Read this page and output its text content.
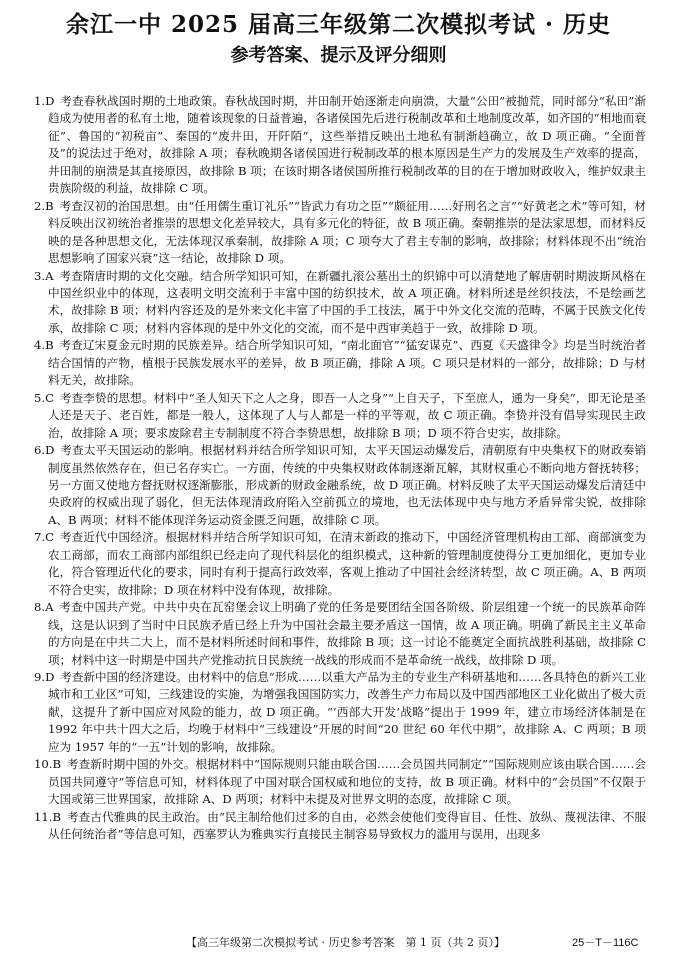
余江一中 2025 届高三年级第二次模拟考试 · 历史
参考答案、提示及评分细则

1.D  考查春秋战国时期的土地政策。春秋战国时期，井田制开始逐渐走向崩溃，大量“公田”被抛荒，同时部分“私田”渐趋成为使用者的私有土地，随着该现象的日益普遍，各诸侯国先后进行税制改革和土地制度改革，如齐国的“相地而衰征”、鲁国的“初税亩”、秦国的“废井田，开阡陌”，这些举措反映出土地私有制渐趋确立，故 D 项正确。“全面普及”的说法过于绝对，故排除 A 项；春秋晚期各诸侯国进行税制改革的根本原因是生产力的发展及生产效率的提高，井田制的崩溃是其直接原因，故排除 B 项；在该时期各诸侯国所推行税制改革的目的在于增加财政收入，维护奴隶主贵族阶级的利益，故排除 C 项。

2.B  考查汉初的治国思想。由“任用儒生重订礼乐”“皆武力有功之臣”“颇征用……好刑名之言”“好黄老之术”等可知，材料反映出汉初统治者推崇的思想文化差异较大，具有多元化的特征，故 B 项正确。秦朝推崇的是法家思想，而材料反映的是各种思想文化，无法体现汉承秦制，故排除 A 项；C 项夸大了君主专制的影响，故排除；材料体现不出“统治思想影响了国家兴衰”这一结论，故排除 D 项。

3.A  考查隋唐时期的文化交融。结合所学知识可知，在新疆扎滚公墓出土的织锦中可以清楚地了解唐朝时期波斯风格在中国丝织业中的体现，这表明文明交流利于丰富中国的纺织技术，故 A 项正确。材料所述是丝织技法，不是绘画艺术，故排除 B 项；材料内容还及的是外来文化丰富了中国的手工技法，属于中外文化交流的范畴，不属于民族文化传承，故排除 C 项；材料内容体现的是中外文化的交流，而不是中西审美趋于一致，故排除 D 项。

4.B  考查辽宋夏金元时期的民族差异。结合所学知识可知，“南北面官”“猛安谋克”、西夏《天盛律令》均是当时统治者结合国情的产物，植根于民族发展水平的差异，故 B 项正确，排除 A 项。C 项只是材料的一部分，故排除；D 与材料无关，故排除。

5.C  考查李贽的思想。材料中“圣人知天下之人之身，即吾一人之身”“上自天子，下至庶人，通为一身矣”，即无论是圣人还是天子、老百姓，都是一般人，这体现了人与人都是一样的平等观，故 C 项正确。李贽并没有倡导实现民主政治，故排除 A 项；要求废除君主专制制度不符合李贽思想，故排除 B 项；D 项不符合史实，故排除。

6.D  考查太平天国运动的影响。根据材料并结合所学知识可知，太平天国运动爆发后，清朝原有中央集权下的财政奏销制度虽然依然存在，但已名存实亡。一方面，传统的中央集权财政体制逐渐瓦解，其财权重心不断向地方督抚转移；另一方面又使地方督抚财权逐渐膨胀，形成新的财政金融系统，故 D 项正确。材料反映了太平天国运动爆发后清廷中央政府的权威出现了弱化，但无法体现清政府陷入空前孤立的境地，也无法体现中央与地方矛盾异常尖锐，故排除 A、B 两项；材料不能体现洋务运动资金匮乏问题，故排除 C 项。

7.C  考查近代中国经济。根据材料并结合所学知识可知，在清末新政的推动下，中国经济管理机构由工部、商部演变为农工商部，而农工商部内部组织已经走向了现代科层化的组织模式，这种新的管理制度使得分工更加细化，更加专业化，符合管理近代化的要求，同时有利于提高行政效率，客观上推动了中国社会经济转型，故 C 项正确。A、B 两项不符合史实，故排除；D 项在材料中没有体现，故排除。

8.A  考查中国共产党。中共中央在瓦窑堡会议上明确了党的任务是要团结全国各阶级、阶层组建一个统一的民族革命阵线，这是认识到了当时中日民族矛盾已经上升为中国社会最主要矛盾这一国情，故 A 项正确。明确了新民主主义革命的方向是在中共二大上，而不是材料所述时间和事件，故排除 B 项；这一讨论不能奠定全面抗战胜利基础，故排除 C 项；材料中这一时期是中国共产党推动抗日民族统一战线的形成而不是革命统一战线，故排除 D 项。

9.D  考查新中国的经济建设。由材料中的信息“形成……以重大产品为主的专业生产科研基地和……各具特色的新兴工业城市和工业区”可知，三线建设的实施，为增强我国国防实力，改善生产力布局以及中国西部地区工业化做出了极大贡献，这提升了新中国应对风险的能力，故 D 项正确。“‘西部大开发’战略”提出于 1999 年，建立市场经济体制是在 1992 年中共十四大之后，均晚于材料中“三线建设”开展的时间“20 世纪 60 年代中期”，故排除 A、C 两项；B 项应为 1957 年的“一五”计划的影响，故排除。

10.B  考查新时期中国的外交。根据材料中“国际规则只能由联合国……会员国共同制定”“国际规则应该由联合国……会员国共同遵守”等信息可知，材料体现了中国对联合国权威和地位的支持，故 B 项正确。材料中的“会员国”不仅限于大国或第三世界国家，故排除 A、D 两项；材料中未提及对世界文明的态度，故排除 C 项。

11.B  考查古代雅典的民主政治。由“民主制给他们过多的自由，必然会使他们变得盲目、任性、放纵、蔑视法律、不服从任何统治者”等信息可知，西塞罗认为雅典实行直接民主制容易导致权力的滥用与误用，出现多

【高三年级第二次模拟考试 · 历史参考答案　第 1 页（共 2 页）】	25－T－116C
